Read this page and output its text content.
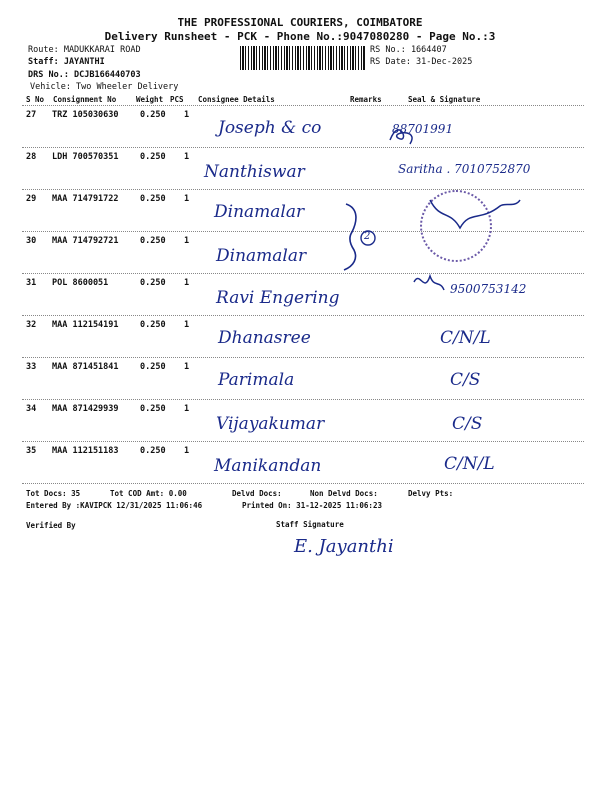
THE PROFESSIONAL COURIERS, COIMBATORE
Delivery Runsheet - PCK - Phone No.:9047080280 - Page No.:3
Route: MADUKKARAI ROAD
Staff: JAYANTHI
DRS No.: DCJB166440703
Vehicle: Two Wheeler Delivery
RS No.: 1664407
RS Date: 31-Dec-2025
S No Consignment No	Weight PCS Consignee Details	Remarks	Seal & Signature
27 TRZ 105030630	0.250 1
Joseph & co	88701991
28 LDH 700570351	0.250 1
Nanthiswar	Saritha . 7010752870
29 MAA 714791722	0.250 1
Dinamalar
30 MAA 714792721	0.250 1
Dinamalar
31 POL 8600051	0.250 1
Ravi Engering	9500753142
32 MAA 112154191	0.250 1
Dhanasree	C/N/L
33 MAA 871451841	0.250 1
Parimala	C/S
34 MAA 871429939	0.250 1
Vijayakumar	C/S
35 MAA 112151183	0.250 1
Manikandan	C/N/L
2
Tot Docs: 35	Tot COD Amt: 0.00	Delvd Docs:	Non Delvd Docs:	Delvy Pts:
Entered By :KAVIPCK 12/31/2025 11:06:46	Printed On: 31-12-2025 11:06:23
Verified By	Staff Signature
E. Jayanthi
